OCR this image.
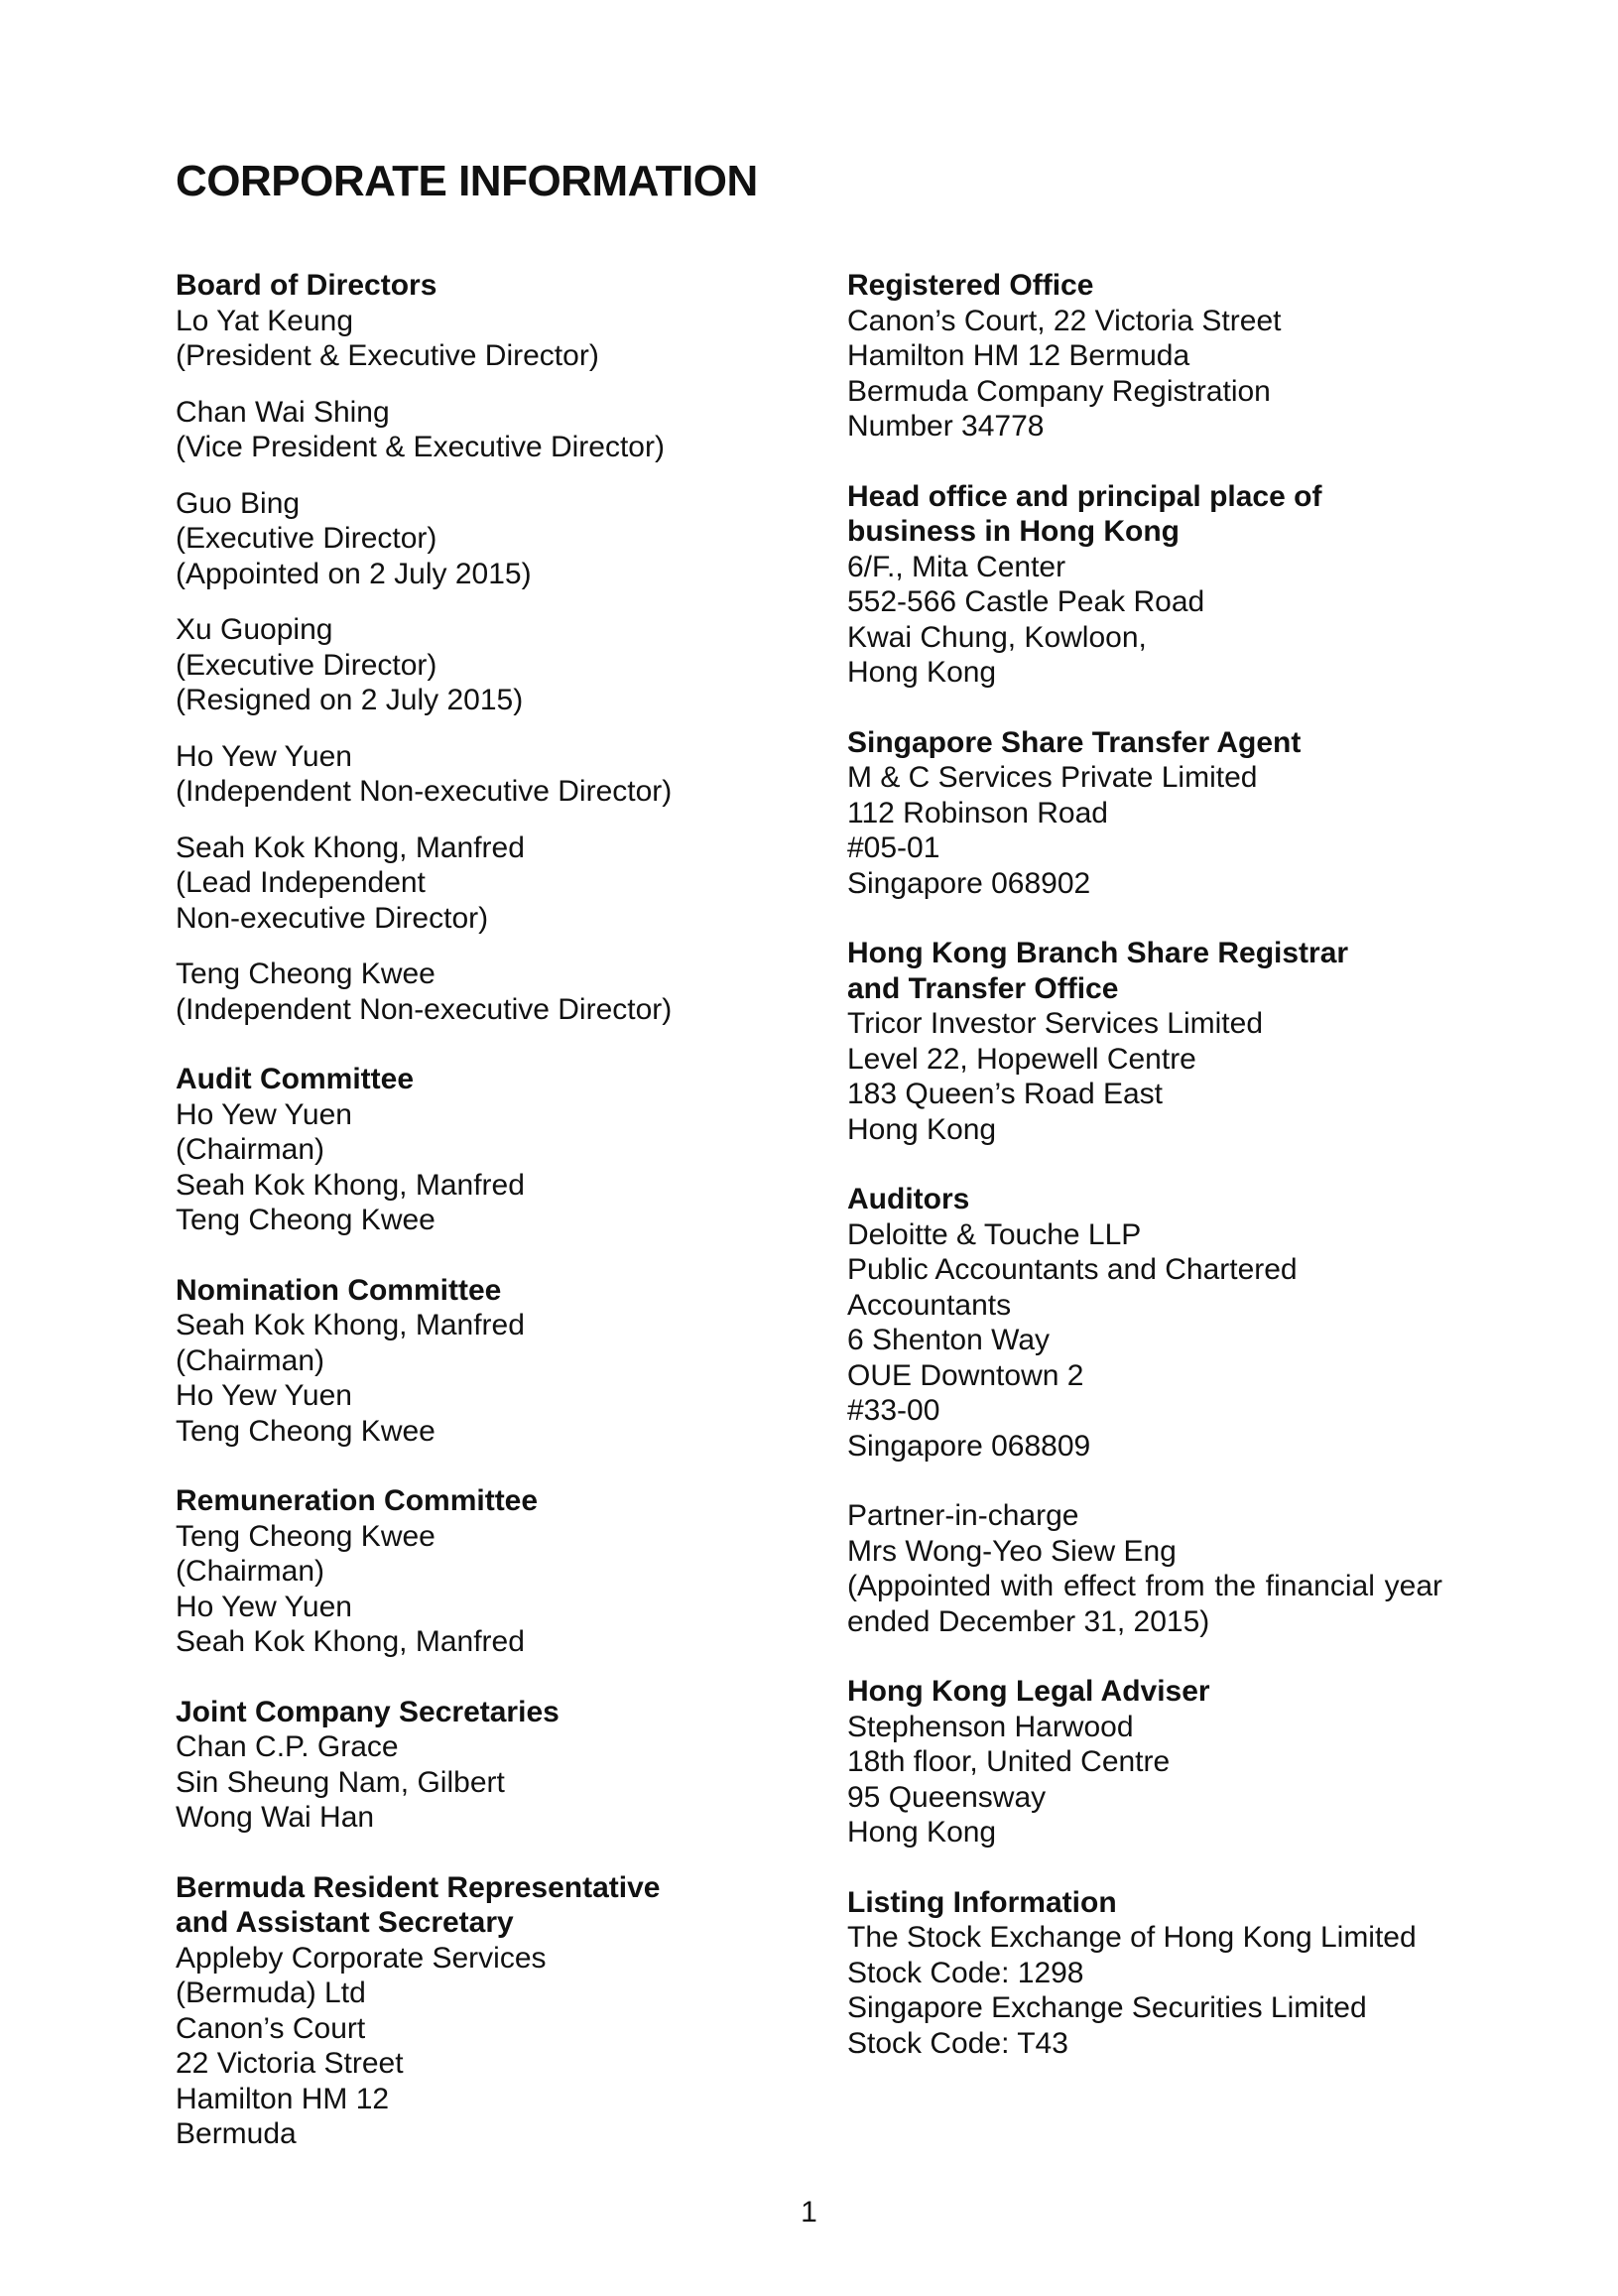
CORPORATE INFORMATION
Board of Directors
Lo Yat Keung
(President & Executive Director)
Chan Wai Shing
(Vice President & Executive Director)
Guo Bing
(Executive Director)
(Appointed on 2 July 2015)
Xu Guoping
(Executive Director)
(Resigned on 2 July 2015)
Ho Yew Yuen
(Independent Non-executive Director)
Seah Kok Khong, Manfred
(Lead Independent
Non-executive Director)
Teng Cheong Kwee
(Independent Non-executive Director)
Audit Committee
Ho Yew Yuen
(Chairman)
Seah Kok Khong, Manfred
Teng Cheong Kwee
Nomination Committee
Seah Kok Khong, Manfred
(Chairman)
Ho Yew Yuen
Teng Cheong Kwee
Remuneration Committee
Teng Cheong Kwee
(Chairman)
Ho Yew Yuen
Seah Kok Khong, Manfred
Joint Company Secretaries
Chan C.P. Grace
Sin Sheung Nam, Gilbert
Wong Wai Han
Bermuda Resident Representative
and Assistant Secretary
Appleby Corporate Services
(Bermuda) Ltd
Canon’s Court
22 Victoria Street
Hamilton HM 12
Bermuda
Registered Office
Canon’s Court, 22 Victoria Street
Hamilton HM 12 Bermuda
Bermuda Company Registration
Number 34778
Head office and principal place of
business in Hong Kong
6/F., Mita Center
552-566 Castle Peak Road
Kwai Chung, Kowloon,
Hong Kong
Singapore Share Transfer Agent
M & C Services Private Limited
112 Robinson Road
#05-01
Singapore 068902
Hong Kong Branch Share Registrar
and Transfer Office
Tricor Investor Services Limited
Level 22, Hopewell Centre
183 Queen’s Road East
Hong Kong
Auditors
Deloitte & Touche LLP
Public Accountants and Chartered
Accountants
6 Shenton Way
OUE Downtown 2
#33-00
Singapore 068809
Partner-in-charge
Mrs Wong-Yeo Siew Eng
(Appointed with effect from the financial year ended December 31, 2015)
Hong Kong Legal Adviser
Stephenson Harwood
18th floor, United Centre
95 Queensway
Hong Kong
Listing Information
The Stock Exchange of Hong Kong Limited
Stock Code: 1298
Singapore Exchange Securities Limited
Stock Code: T43
1
